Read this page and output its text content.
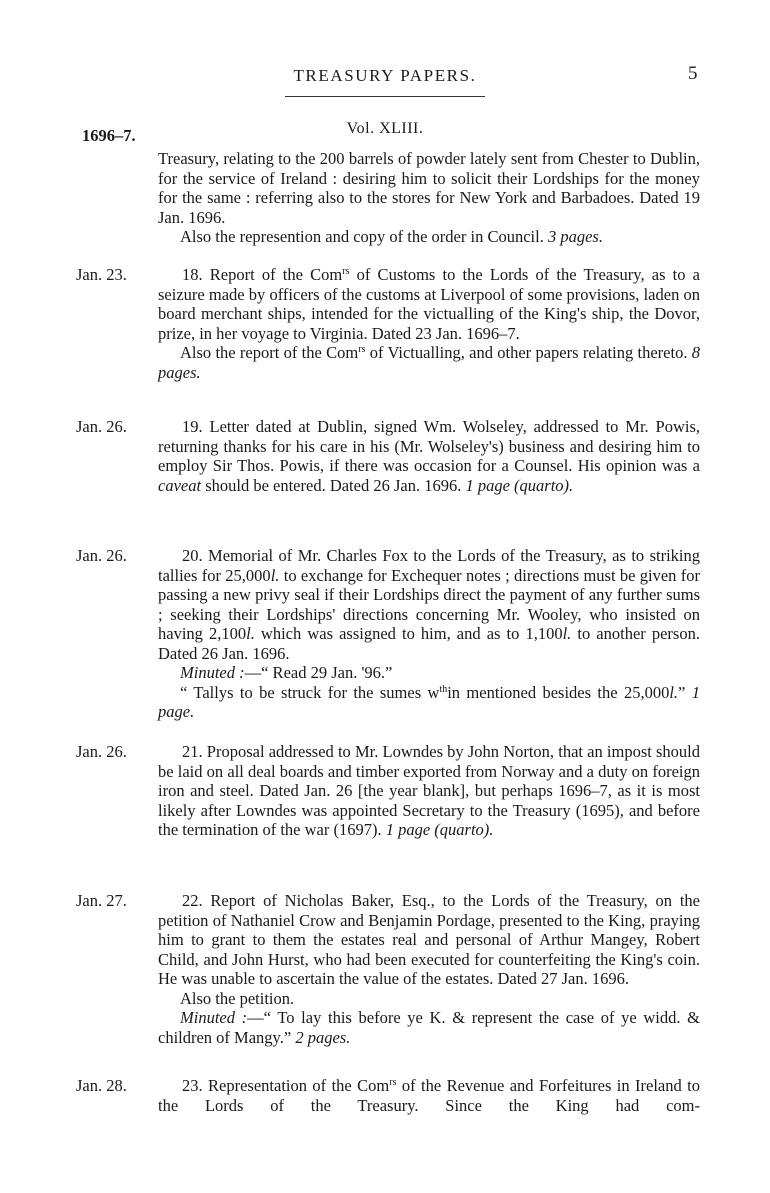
TREASURY PAPERS.	5
1696–7.	Vol. XLIII.

Treasury, relating to the 200 barrels of powder lately sent from Chester to Dublin, for the service of Ireland : desiring him to solicit their Lordships for the money for the same : referring also to the stores for New York and Barbadoes. Dated 19 Jan. 1696.

Also the represention and copy of the order in Council. 3 pages.

Jan. 23.	18. Report of the Com$^{rs}$ of Customs to the Lords of the Treasury, as to a seizure made by officers of the customs at Liverpool of some provisions, laden on board merchant ships, intended for the victualling of the King's ship, the Dovor, prize, in her voyage to Virginia. Dated 23 Jan. 1696–7.

Also the report of the Com$^{rs}$ of Victualling, and other papers relating thereto. 8 pages.

Jan. 26.	19. Letter dated at Dublin, signed Wm. Wolseley, addressed to Mr. Powis, returning thanks for his care in his (Mr. Wolseley's) business and desiring him to employ Sir Thos. Powis, if there was occasion for a Counsel. His opinion was a caveat should be entered. Dated 26 Jan. 1696. 1 page (quarto).

Jan. 26.	20. Memorial of Mr. Charles Fox to the Lords of the Treasury, as to striking tallies for 25,000l. to exchange for Exchequer notes ; directions must be given for passing a new privy seal if their Lordships direct the payment of any further sums ; seeking their Lordships' directions concerning Mr. Wooley, who insisted on having 2,100l. which was assigned to him, and as to 1,100l. to another person. Dated 26 Jan. 1696.

Minuted :—“ Read 29 Jan. '96.”

“ Tallys to be struck for the sumes $w^{th}in$ mentioned besides the 25,000l.” 1 page.

Jan. 26.	21. Proposal addressed to Mr. Lowndes by John Norton, that an impost should be laid on all deal boards and timber exported from Norway and a duty on foreign iron and steel. Dated Jan. 26 [the year blank], but perhaps 1696–7, as it is most likely after Lowndes was appointed Secretary to the Treasury (1695), and before the termination of the war (1697). 1 page (quarto).

Jan. 27.	22. Report of Nicholas Baker, Esq., to the Lords of the Treasury, on the petition of Nathaniel Crow and Benjamin Pordage, presented to the King, praying him to grant to them the estates real and personal of Arthur Mangey, Robert Child, and John Hurst, who had been executed for counterfeiting the King's coin. He was unable to ascertain the value of the estates. Dated 27 Jan. 1696.

Also the petition.

Minuted :—“ To lay this before ye K. & represent the case of ye widd. & children of Mangy.” 2 pages.

Jan. 28.	23. Representation of the Com$^{rs}$ of the Revenue and Forfeitures in Ireland to the Lords of the Treasury. Since the King had com-
